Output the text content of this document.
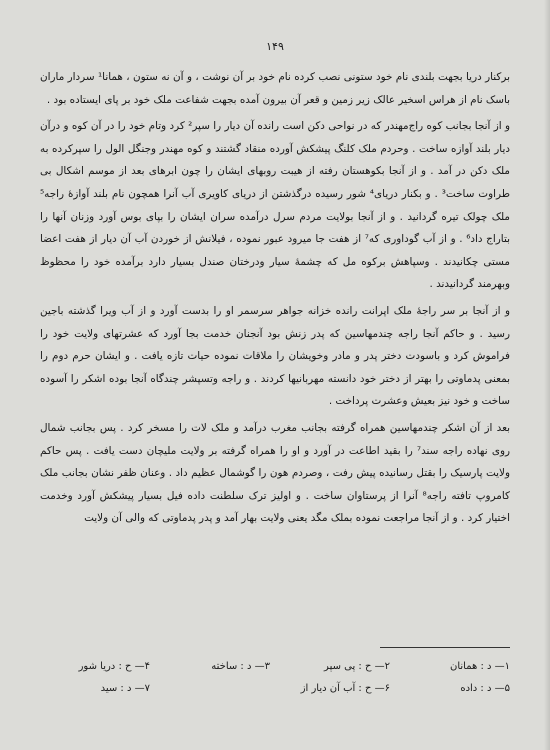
۱۴۹

برکنار دریا بجهت بلندی نام خود ستونی نصب کرده نام خود بر آن نوشت ، و آن نه ستون ، همانا¹ سردار ماران باسک نام از هراس اسخیر عالک زیر زمین و قعر آن بیرون آمده بجهت شفاعت ملک خود بر پای ایستاده بود .

و از آنجا بجانب کوه راج‌مهندر که در نواحی دکن است رانده آن دیار را سپر² کرد وتام خود را در آن کوه و درآن دیار بلند آوازه ساخت . وحردم ملک کلنگ پیشکش آورده منقاد گشتند و کوه مهندر وجنگل الول را سپرکرده به ملک دکن در آمد . و از آنجا بکوهستان رفته از هیبت روبهای ایشان را چون ابرهای بعد از موسم اشکال بی طراوت ساخت³ . و بکنار دریای⁴ شور رسیده درگذشتن از دریای کاویری آب آنرا همچون نام بلند آوازهٔ راجه⁵ ملک چولک تیره گردانید . و از آنجا بولایت مردم سرل درآمده سران ایشان را بپای بوس آورد وزنان آنها را بتاراج داد⁶ . و از آب گوداوری که⁷ از هفت جا میرود عبور نموده ، فیلانش از خوردن آب آن دیار از هفت اعضا مستی چکانیدند . وسپاهش برکوه مل که چشمهٔ سیار ودرختان صندل بسیار دارد برآمده خود را محظوظ وبهرمند گردانیدند .

و از آنجا بر سر راجه‌ٔ ملک اپرانت رانده خزانه جواهر سرسمر او را بدست آورد و از آب ویرا گذشته باجین رسید . و حاکم آنجا راجه چندمهاسین که پدر زنش بود آنجنان خدمت بجا آورد که عشرتهای ولایت خود را فراموش کرد و باسودت دختر پدر و مادر وخویشان را ملاقات نموده حیات تازه یافت . و ایشان حرم دوم را بمعنی پدماوتی را بهتر از دختر خود دانسته مهربانیها کردند . و راجه وتسپشر چندگاه آنجا بوده اشکر را آسوده ساخت و خود نیز بعیش وعشرت پرداخت .

بعد از آن اشکر چندمهاسین همراه گرفته بجانب مغرب درآمد و ملک لات را مسخر کرد . پس بجانب شمال روی نهاده راجه سند⁷ را بقید اطاعت در آورد و او را همراه گرفته بر ولایت ملیچان دست یافت . پس حاکم ولایت پارسیک را بقتل رسانیده پیش رفت ، وصردم هون را گوشمال عظیم داد . وعنان ظفر نشان بجانب ملک کامروپ تافته راجه⁸ آنرا از پرستاوان ساخت . و اولیز ترک سلطنت داده فیل بسیار پیشکش آورد وخدمت اختیار کرد . و از آنجا مراجعت نموده بملک مگد یعنی ولایت بهار آمد و پدر پدماوتی که والی آن ولایت

۱— د : همانان
۲— ح : پی سپر
۳— د : ساخته
۴— ح : دریا شور
۵— د : داده
۶— ح : آب آن دیار از
۷— د : سید
